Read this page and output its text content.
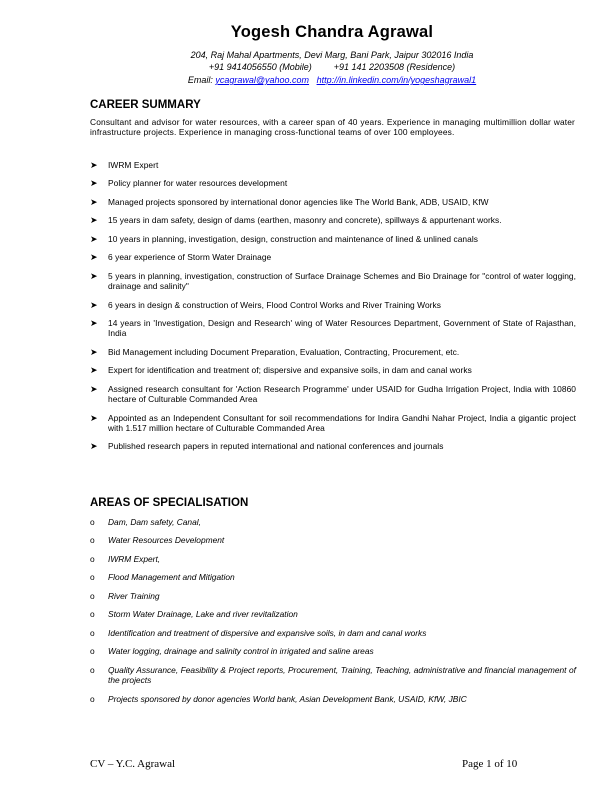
Yogesh Chandra Agrawal
204, Raj Mahal Apartments, Devi Marg, Bani Park, Jaipur 302016 India
+91 9414056550 (Mobile) +91 141 2203508 (Residence)
Email: ycagrawal@yahoo.com http://in.linkedin.com/in/yogeshagrawal1
CAREER SUMMARY
Consultant and advisor for water resources, with a career span of 40 years. Experience in managing multimillion dollar water infrastructure projects. Experience in managing cross-functional teams of over 100 employees.
➤ IWRM Expert
➤ Policy planner for water resources development
➤ Managed projects sponsored by international donor agencies like The World Bank, ADB, USAID, KfW
➤ 15 years in dam safety, design of dams (earthen, masonry and concrete), spillways & appurtenant works.
➤ 10 years in planning, investigation, design, construction and maintenance of lined & unlined canals
➤ 6 year experience of Storm Water Drainage
➤ 5 years in planning, investigation, construction of Surface Drainage Schemes and Bio Drainage for "control of water logging, drainage and salinity"
➤ 6 years in design & construction of Weirs, Flood Control Works and River Training Works
➤ 14 years in 'Investigation, Design and Research' wing of Water Resources Department, Government of State of Rajasthan, India
➤ Bid Management including Document Preparation, Evaluation, Contracting, Procurement, etc.
➤ Expert for identification and treatment of; dispersive and expansive soils, in dam and canal works
➤ Assigned research consultant for 'Action Research Programme' under USAID for Gudha Irrigation Project, India with 10860 hectare of Culturable Commanded Area
➤ Appointed as an Independent Consultant for soil recommendations for Indira Gandhi Nahar Project, India a gigantic project with 1.517 million hectare of Culturable Commanded Area
➤ Published research papers in reputed international and national conferences and journals
AREAS OF SPECIALISATION
o Dam, Dam safety, Canal,
o Water Resources Development
o IWRM Expert,
o Flood Management and Mitigation
o River Training
o Storm Water Drainage, Lake and river revitalization
o Identification and treatment of dispersive and expansive soils, in dam and canal works
o Water logging, drainage and salinity control in irrigated and saline areas
o Quality Assurance, Feasibility & Project reports, Procurement, Training, Teaching, administrative and financial management of the projects
o Projects sponsored by donor agencies World bank, Asian Development Bank, USAID, KfW, JBIC
CV – Y.C. Agrawal	Page 1 of 10
